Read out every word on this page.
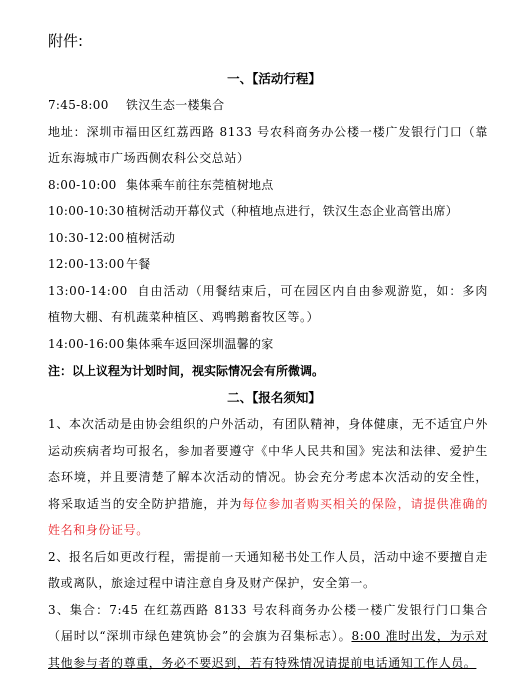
附件:
一、【活动行程】
7:45-8:00 铁汉生态一楼集合
地址：深圳市福田区红荔西路 8133 号农科商务办公楼一楼广发银行门口（靠近东海城市广场西侧农科公交总站）
8:00-10:00 集体乘车前往东莞植树地点
10:00-10:30植树活动开幕仪式（种植地点进行，铁汉生态企业高管出席）
10:30-12:00植树活动
12:00-13:00午餐
13:00-14:00 自由活动（用餐结束后，可在园区内自由参观游览，如：多肉植物大棚、有机蔬菜种植区、鸡鸭鹅畜牧区等。）
14:00-16:00集体乘车返回深圳温馨的家
注：以上议程为计划时间，视实际情况会有所微调。
二、【报名须知】
1、本次活动是由协会组织的户外活动，有团队精神，身体健康，无不适宜户外运动疾病者均可报名，参加者要遵守《中华人民共和国》宪法和法律、爱护生态环境，并且要清楚了解本次活动的情况。协会充分考虑本次活动的安全性，将采取适当的安全防护措施，并为每位参加者购买相关的保险，请提供准确的姓名和身份证号。
2、报名后如更改行程，需提前一天通知秘书处工作人员，活动中途不要擅自走散或离队，旅途过程中请注意自身及财产保护，安全第一。
3、集合：7:45 在红荔西路 8133 号农科商务办公楼一楼广发银行门口集合（届时以“深圳市绿色建筑协会”的会旗为召集标志）。8:00 准时出发，为示对其他参与者的尊重，务必不要迟到，若有特殊情况请提前电话通知工作人员。
